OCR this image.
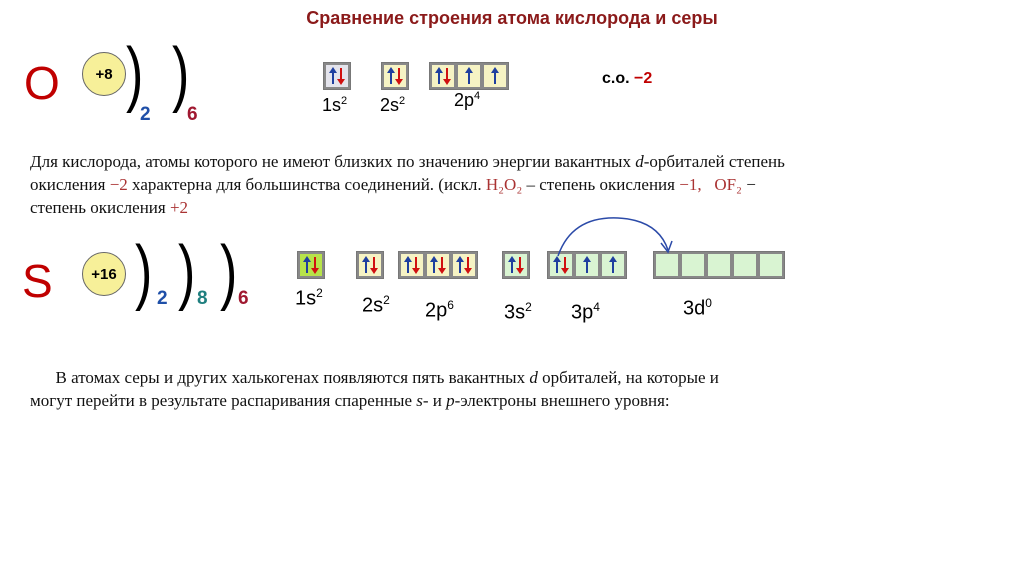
Сравнение строения атома кислорода и серы
O	+8 )
2
)
6	$1s^2$ $2s^2$	$2p^4$
с.о. −2
Для кислорода, атомы которого не имеют близких по значению энергии вакантных d-орбиталей степень
окисления −2 характерна для большинства соединений. (искл. H₂O₂ – степень окисления −1, OF₂ −
степень окисления +2
S	+16 ) 2 ) 8 ) 6 $1s^2$
$2s^2$ $2p^6$	$3s^2$ $3p^4$	$3d^0$
В атомах серы и других халькогенах появляются пять вакантных d орбиталей, на которые и
могут перейти в результате распаривания спаренные s- и p-электроны внешнего уровня:
